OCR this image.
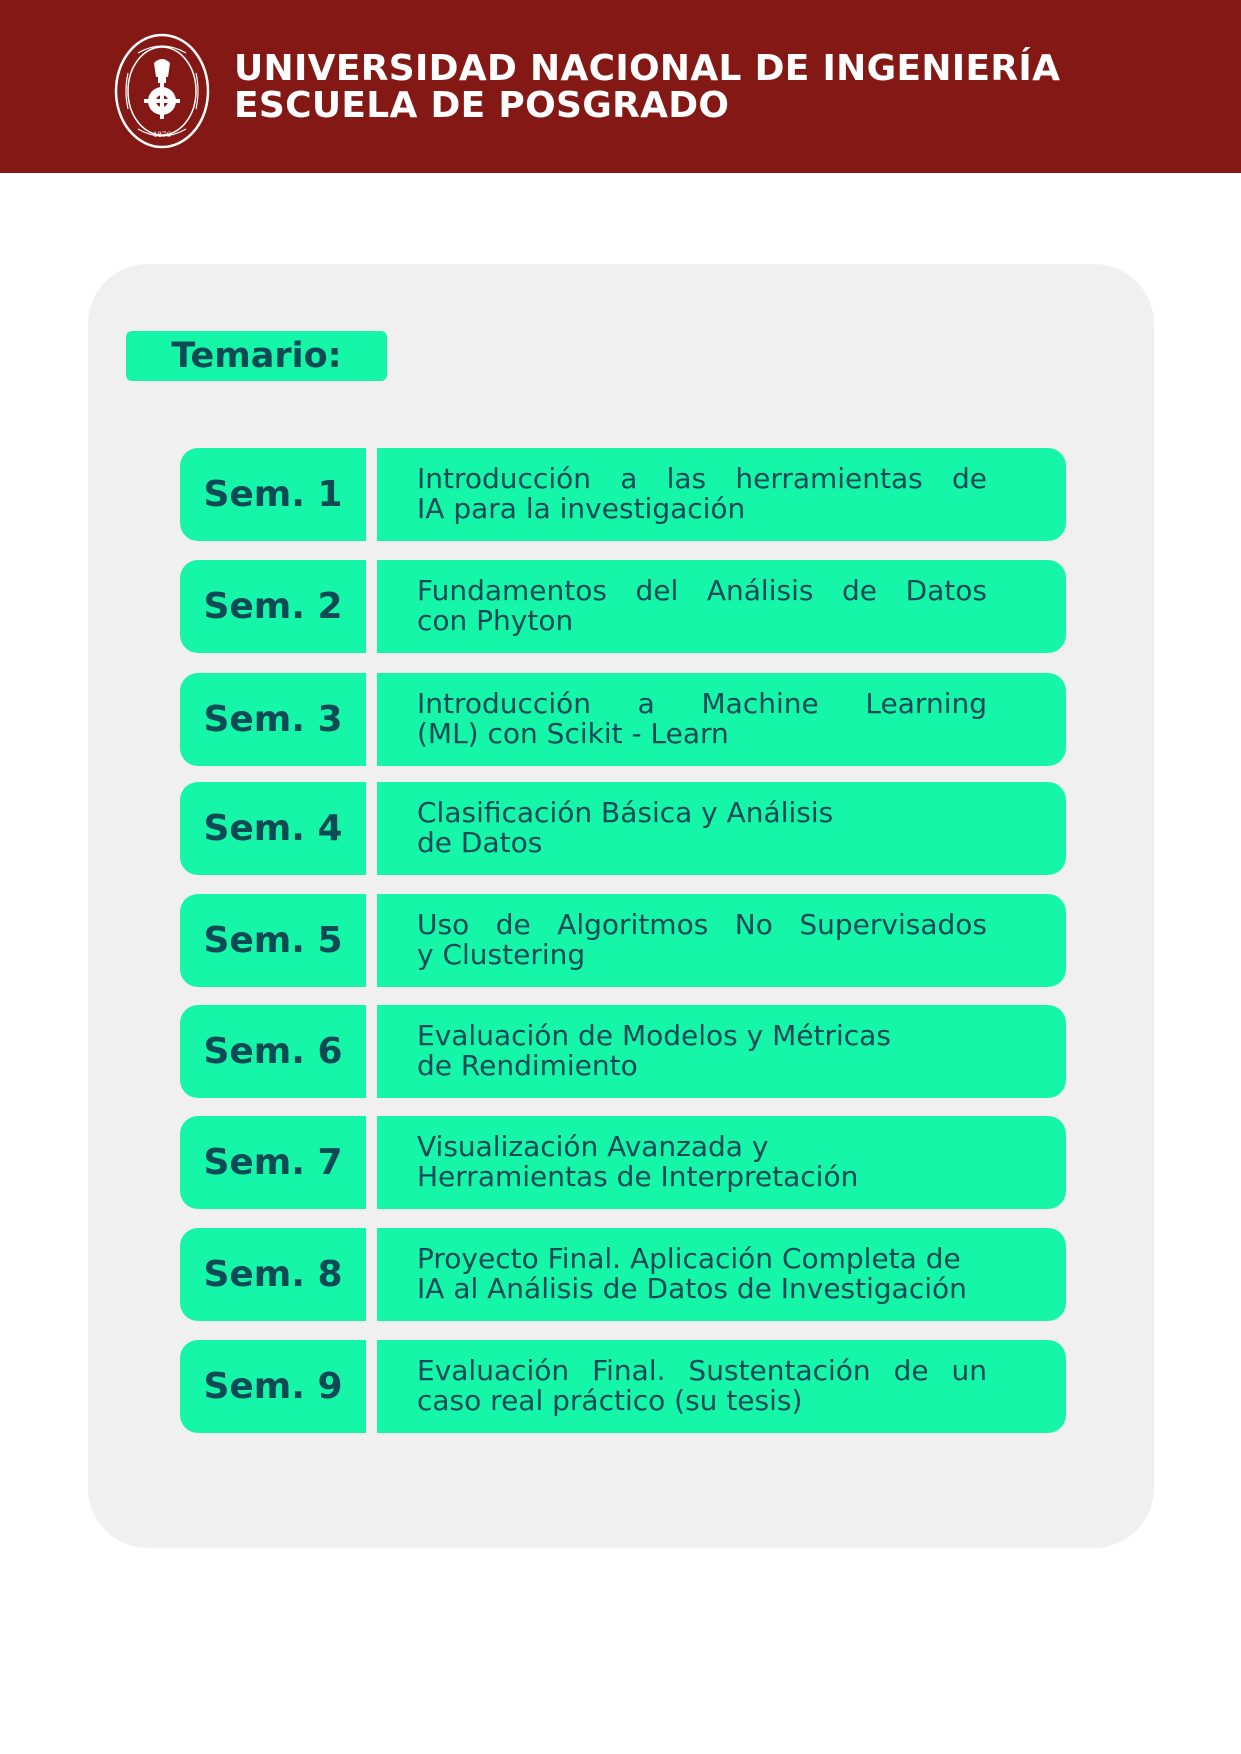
1876
UNIVERSIDAD NACIONAL DE INGENIERÍA
ESCUELA DE POSGRADO
Temario:
Sem. 1	Introducción a las herramientas de
IA para la investigación
Sem. 2	Fundamentos del Análisis de Datos
con Phyton
Sem. 3	Introducción a Machine Learning
(ML) con Scikit - Learn
Sem. 4	Clasificación Básica y Análisis
de Datos
Sem. 5	Uso de Algoritmos No Supervisados
y Clustering
Sem. 6	Evaluación de Modelos y Métricas
de Rendimiento
Sem. 7	Visualización Avanzada y
Herramientas de Interpretación
Sem. 8	Proyecto Final. Aplicación Completa de
IA al Análisis de Datos de Investigación
Sem. 9	Evaluación Final. Sustentación de un
caso real práctico (su tesis)
